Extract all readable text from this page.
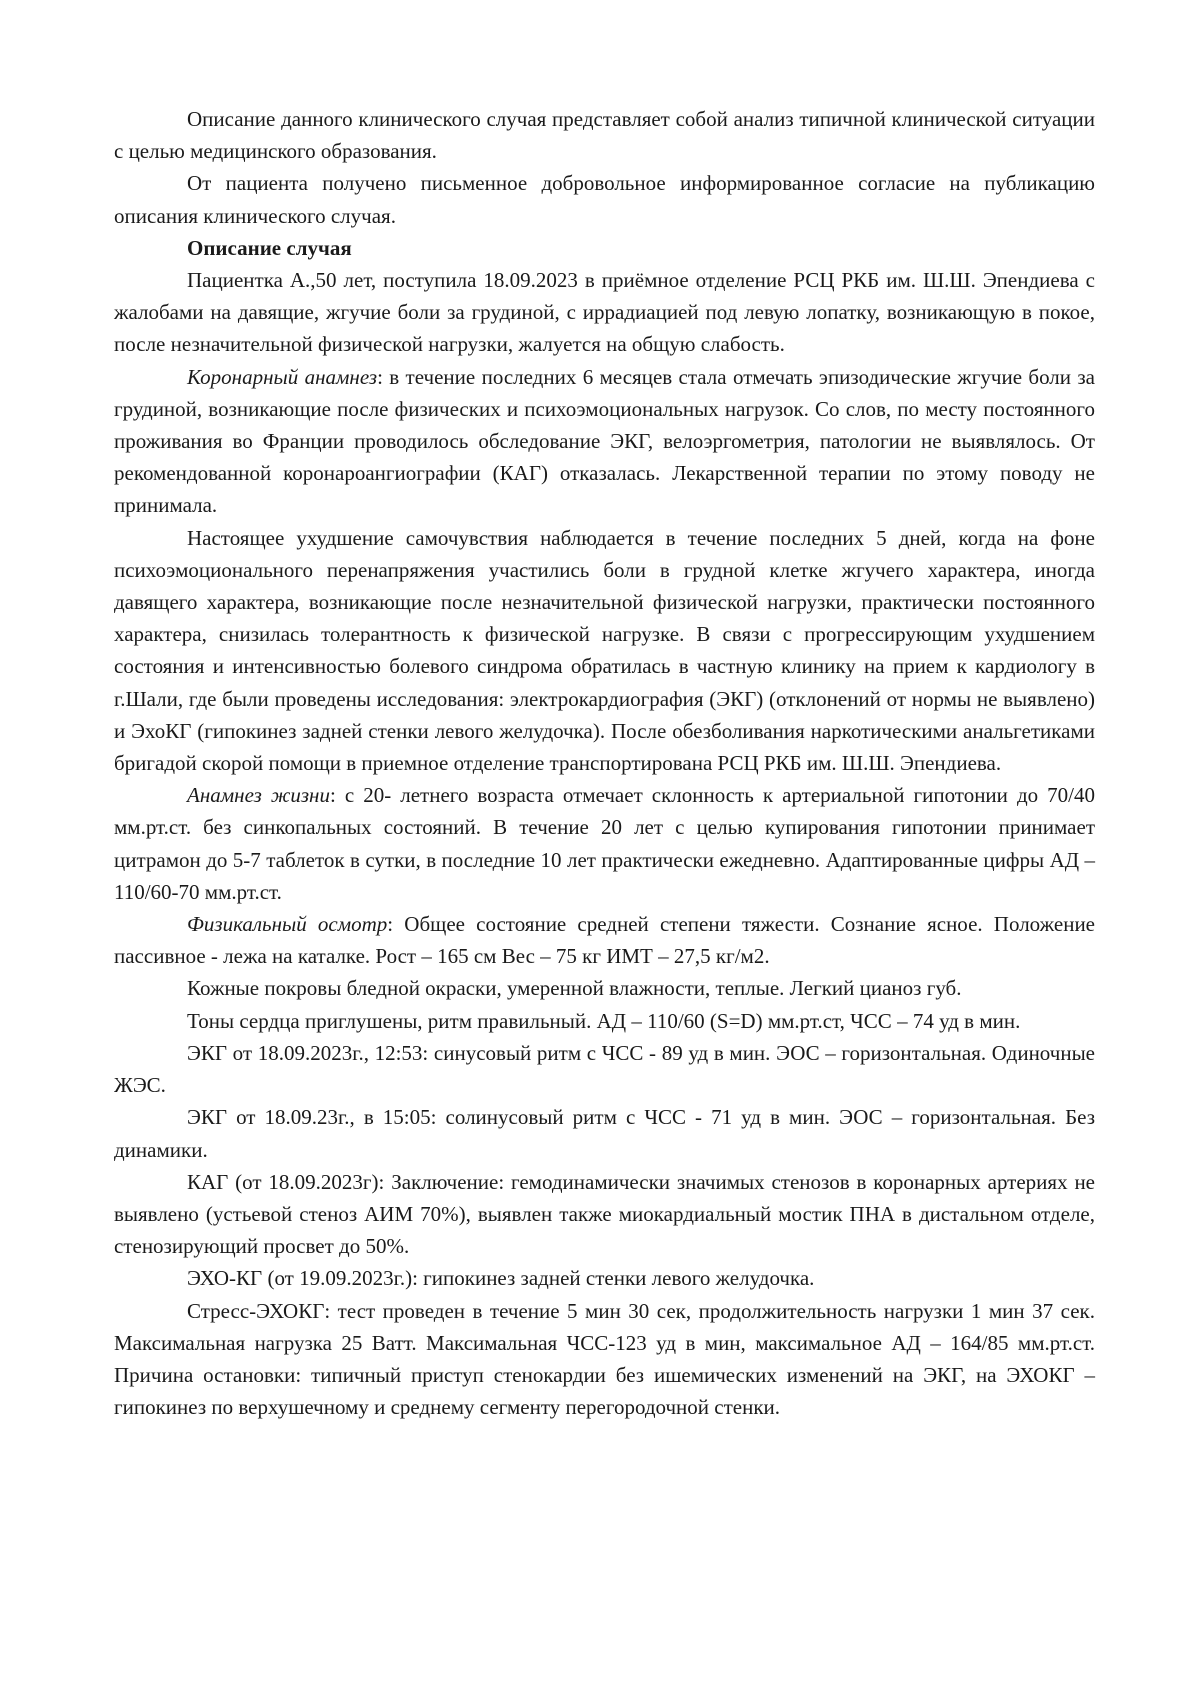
Описание данного клинического случая представляет собой анализ типичной клинической ситуации с целью медицинского образования.

От пациента получено письменное добровольное информированное согласие на публикацию описания клинического случая.

Описание случая

Пациентка А.,50 лет, поступила 18.09.2023 в приёмное отделение РСЦ РКБ им. Ш.Ш. Эпендиева с жалобами на давящие, жгучие боли за грудиной, с иррадиацией под левую лопатку, возникающую в покое, после незначительной физической нагрузки, жалуется на общую слабость.

Коронарный анамнез: в течение последних 6 месяцев стала отмечать эпизодические жгучие боли за грудиной, возникающие после физических и психоэмоциональных нагрузок. Со слов, по месту постоянного проживания во Франции проводилось обследование ЭКГ, велоэргометрия, патологии не выявлялось. От рекомендованной коронароангиографии (КАГ) отказалась. Лекарственной терапии по этому поводу не принимала.

Настоящее ухудшение самочувствия наблюдается в течение последних 5 дней, когда на фоне психоэмоционального перенапряжения участились боли в грудной клетке жгучего характера, иногда давящего характера, возникающие после незначительной физической нагрузки, практически постоянного характера, снизилась толерантность к физической нагрузке. В связи с прогрессирующим ухудшением состояния и интенсивностью болевого синдрома обратилась в частную клинику на прием к кардиологу в г.Шали, где были проведены исследования: электрокардиография (ЭКГ) (отклонений от нормы не выявлено) и ЭхоКГ (гипокинез задней стенки левого желудочка). После обезболивания наркотическими анальгетиками бригадой скорой помощи в приемное отделение транспортирована РСЦ РКБ им. Ш.Ш. Эпендиева.

Анамнез жизни: с 20- летнего возраста отмечает склонность к артериальной гипотонии до 70/40 мм.рт.ст. без синкопальных состояний. В течение 20 лет с целью купирования гипотонии принимает цитрамон до 5-7 таблеток в сутки, в последние 10 лет практически ежедневно. Адаптированные цифры АД – 110/60-70 мм.рт.ст.

Физикальный осмотр: Общее состояние средней степени тяжести. Сознание ясное. Положение пассивное - лежа на каталке. Рост – 165 см Вес – 75 кг ИМТ – 27,5 кг/м2.

Кожные покровы бледной окраски, умеренной влажности, теплые. Легкий цианоз губ.

Тоны сердца приглушены, ритм правильный. АД – 110/60 (S=D) мм.рт.ст, ЧСС – 74 уд в мин.

ЭКГ от 18.09.2023г., 12:53: синусовый ритм с ЧСС - 89 уд в мин. ЭОС – горизонтальная. Одиночные ЖЭС.

ЭКГ от 18.09.23г., в 15:05: солинусовый ритм с ЧСС - 71 уд в мин. ЭОС – горизонтальная. Без динамики.

КАГ (от 18.09.2023г): Заключение: гемодинамически значимых стенозов в коронарных артериях не выявлено (устьевой стеноз АИМ 70%), выявлен также миокардиальный мостик ПНА в дистальном отделе, стенозирующий просвет до 50%.

ЭХО-КГ (от 19.09.2023г.): гипокинез задней стенки левого желудочка.

Стресс-ЭХОКГ: тест проведен в течение 5 мин 30 сек, продолжительность нагрузки 1 мин 37 сек. Максимальная нагрузка 25 Ватт. Максимальная ЧСС-123 уд в мин, максимальное АД – 164/85 мм.рт.ст. Причина остановки: типичный приступ стенокардии без ишемических изменений на ЭКГ, на ЭХОКГ – гипокинез по верхушечному и среднему сегменту перегородочной стенки.
